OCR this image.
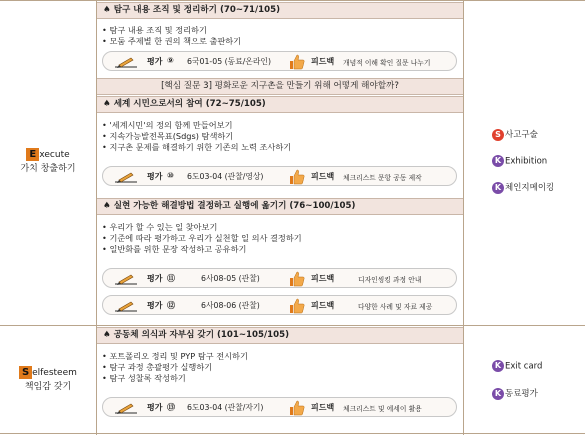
♠ 탐구 내용 조직 및 정리하기 (70~71/105)
• 탐구 내용 조직 및 정리하기
• 모둠 주제별 한 권의 책으로 출판하기
평가 ⑨ 6국01-05 (동료/온라인)	피드백 개념적 이해 확인 질문 나누기
[핵심 질문 3] 평화로운 지구촌을 만들기 위해 어떻게 해야할까?
♠ 세계 시민으로서의 참여 (72~75/105)
• '세계시민'의 정의 함께 만들어보기
• 지속가능발전목표(Sdgs) 탐색하기
• 지구촌 문제를 해결하기 위한 기존의 노력 조사하기
평가 ⑩ 6도03-04 (관찰/영상)	피드백 체크리스트 문항 공동 제작
♠ 실현 가능한 해결방법 결정하고 실행에 옮기기 (76~100/105)
• 우리가 할 수 있는 일 찾아보기
• 기준에 따라 평가하고 우리가 실천할 일 의사 결정하기
• 일반화를 위한 문장 작성하고 공유하기
평가 ⑪	6사08-05 (관찰)	피드백	디자인씽킹 과정 안내
평가 ⑫	6사08-06 (관찰)	피드백	다양한 사례 및 자료 제공
♠ 공동체 의식과 자부심 갖기 (101~105/105)
• 포트폴리오 정리 및 PYP 탐구 전시하기
• 탐구 과정 총괄평가 실행하기
• 탐구 성찰록 작성하기
평가 ⑬ 6도03-04 (관찰/자기)	피드백 체크리스트 및 에세이 활용
E xecute
가치 창출하기
S elfesteem
책임감 갖기
S 사고구술
K Exhibition
K 체인지메이킹
K Exit card
K 동료평가
